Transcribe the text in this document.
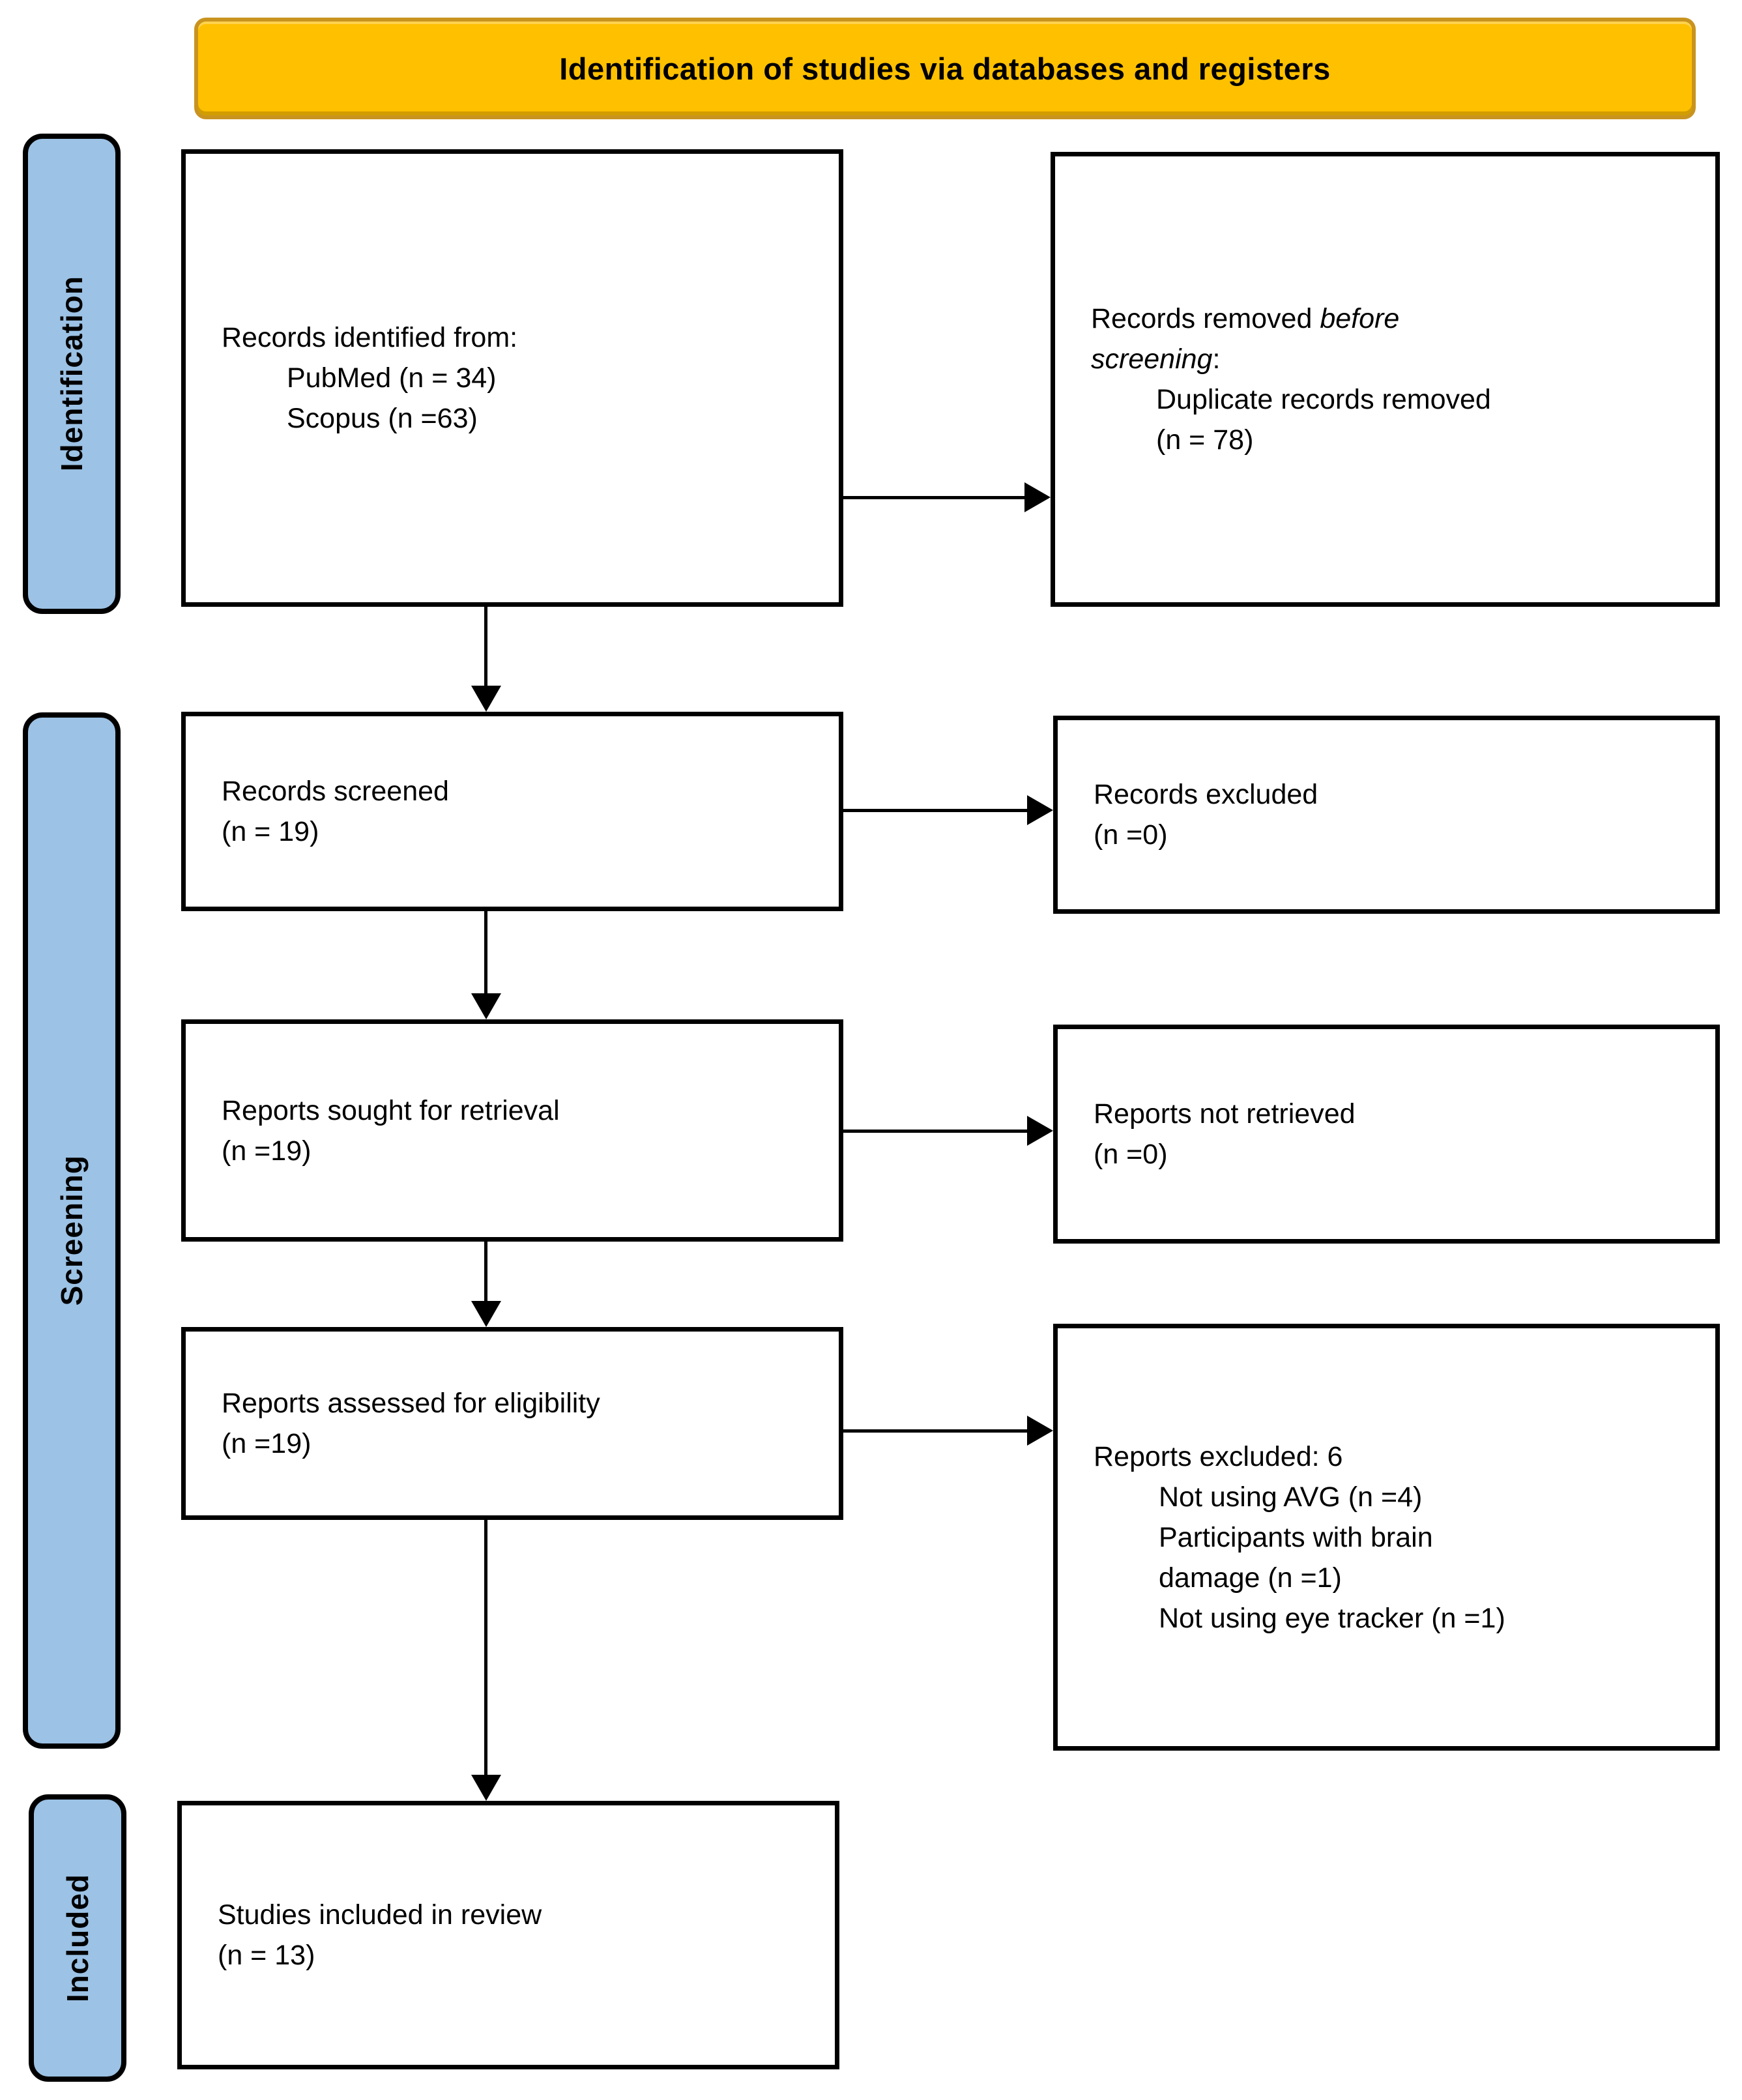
Identification of studies via databases and registers
Identification
Screening
Included
Records identified from:
PubMed (n = 34)
Scopus (n =63)
Records removed before
screening:
Duplicate records removed
(n = 78)
Records screened
(n = 19)
Records excluded
(n =0)
Reports sought for retrieval
(n =19)
Reports not retrieved
(n =0)
Reports assessed for eligibility
(n =19)	Reports excluded: 6
Not using AVG (n =4)
Participants with brain
damage (n =1)
Not using eye tracker (n =1)
Studies included in review
(n = 13)
